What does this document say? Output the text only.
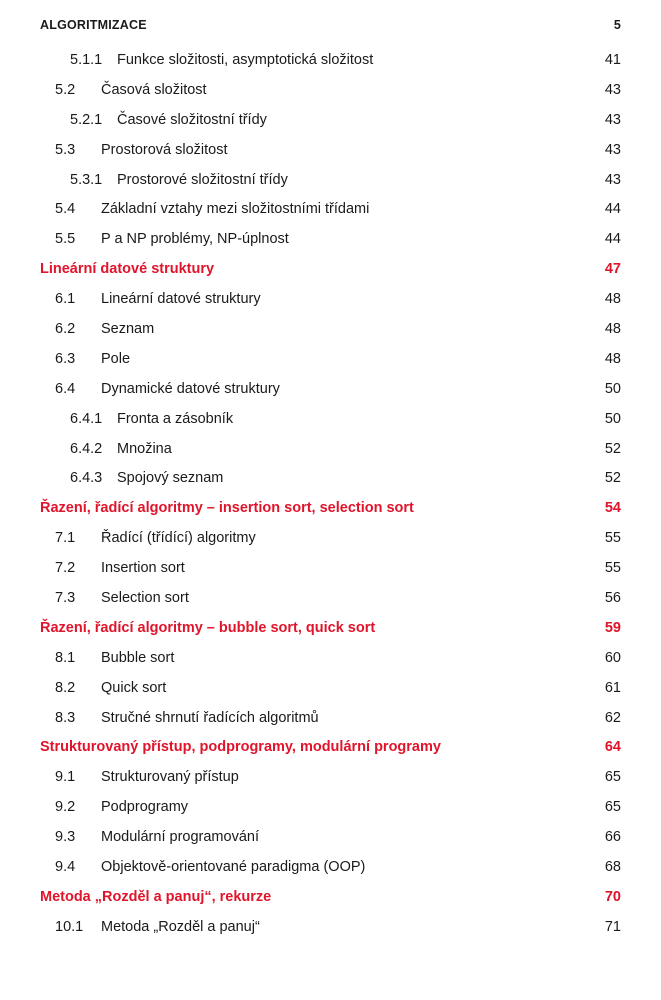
ALGORITMIZACE	5
5.1.1 Funkce složitosti, asymptotická složitost	41
5.2 Časová složitost	43
5.2.1 Časové složitostní třídy	43
5.3 Prostorová složitost	43
5.3.1 Prostorové složitostní třídy	43
5.4 Základní vztahy mezi složitostními třídami	44
5.5 P a NP problémy, NP-úplnost	44
Lineární datové struktury	47
6.1 Lineární datové struktury	48
6.2 Seznam	48
6.3 Pole	48
6.4 Dynamické datové struktury	50
6.4.1 Fronta a zásobník	50
6.4.2 Množina	52
6.4.3 Spojový seznam	52
Řazení, řadící algoritmy – insertion sort, selection sort	54
7.1 Řadící (třídící) algoritmy	55
7.2 Insertion sort	55
7.3 Selection sort	56
Řazení, řadící algoritmy – bubble sort, quick sort	59
8.1 Bubble sort	60
8.2 Quick sort	61
8.3 Stručné shrnutí řadících algoritmů	62
Strukturovaný přístup, podprogramy, modulární programy	64
9.1 Strukturovaný přístup	65
9.2 Podprogramy	65
9.3 Modulární programování	66
9.4 Objektově-orientované paradigma (OOP)	68
Metoda „Rozděl a panuj“, rekurze	70
10.1 Metoda „Rozděl a panuj“	71
